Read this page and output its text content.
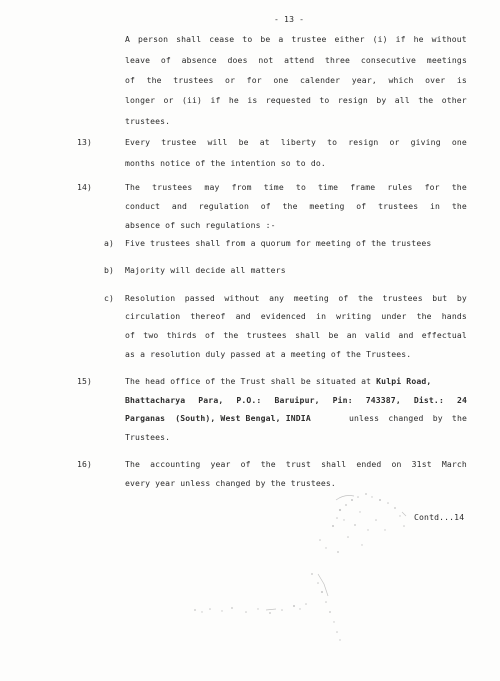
- 13 -
A person shall cease to be a trustee either (i) if he without
leave of absence does not attend three consecutive meetings
of the trustees or for one calender year, which over is
longer or (ii) if he is requested to resign by all the other
trustees.
13)	Every trustee will be at liberty to resign or giving one
months notice of the intention so to do.
14)	The trustees may from time to time frame rules for the
conduct and regulation of the meeting of trustees in the
absence of such regulations :-
a) Five trustees shall from a quorum for meeting of the trustees
b) Majority will decide all matters
c) Resolution passed without any meeting of the trustees but by
circulation thereof and evidenced in writing under the hands
of two thirds of the trustees shall be an valid and effectual
as a resolution duly passed at a meeting of the Trustees.
15)	The head office of the Trust shall be situated at Kulpi Road,
Bhattacharya Para, P.O.: Baruipur, Pin: 743387, Dist.: 24
Parganas  (South), West Bengal, INDIA	unless changed by the
Trustees.
16)	The accounting year of the trust shall ended on 31st March
every year unless changed by the trustees.
Contd...14
